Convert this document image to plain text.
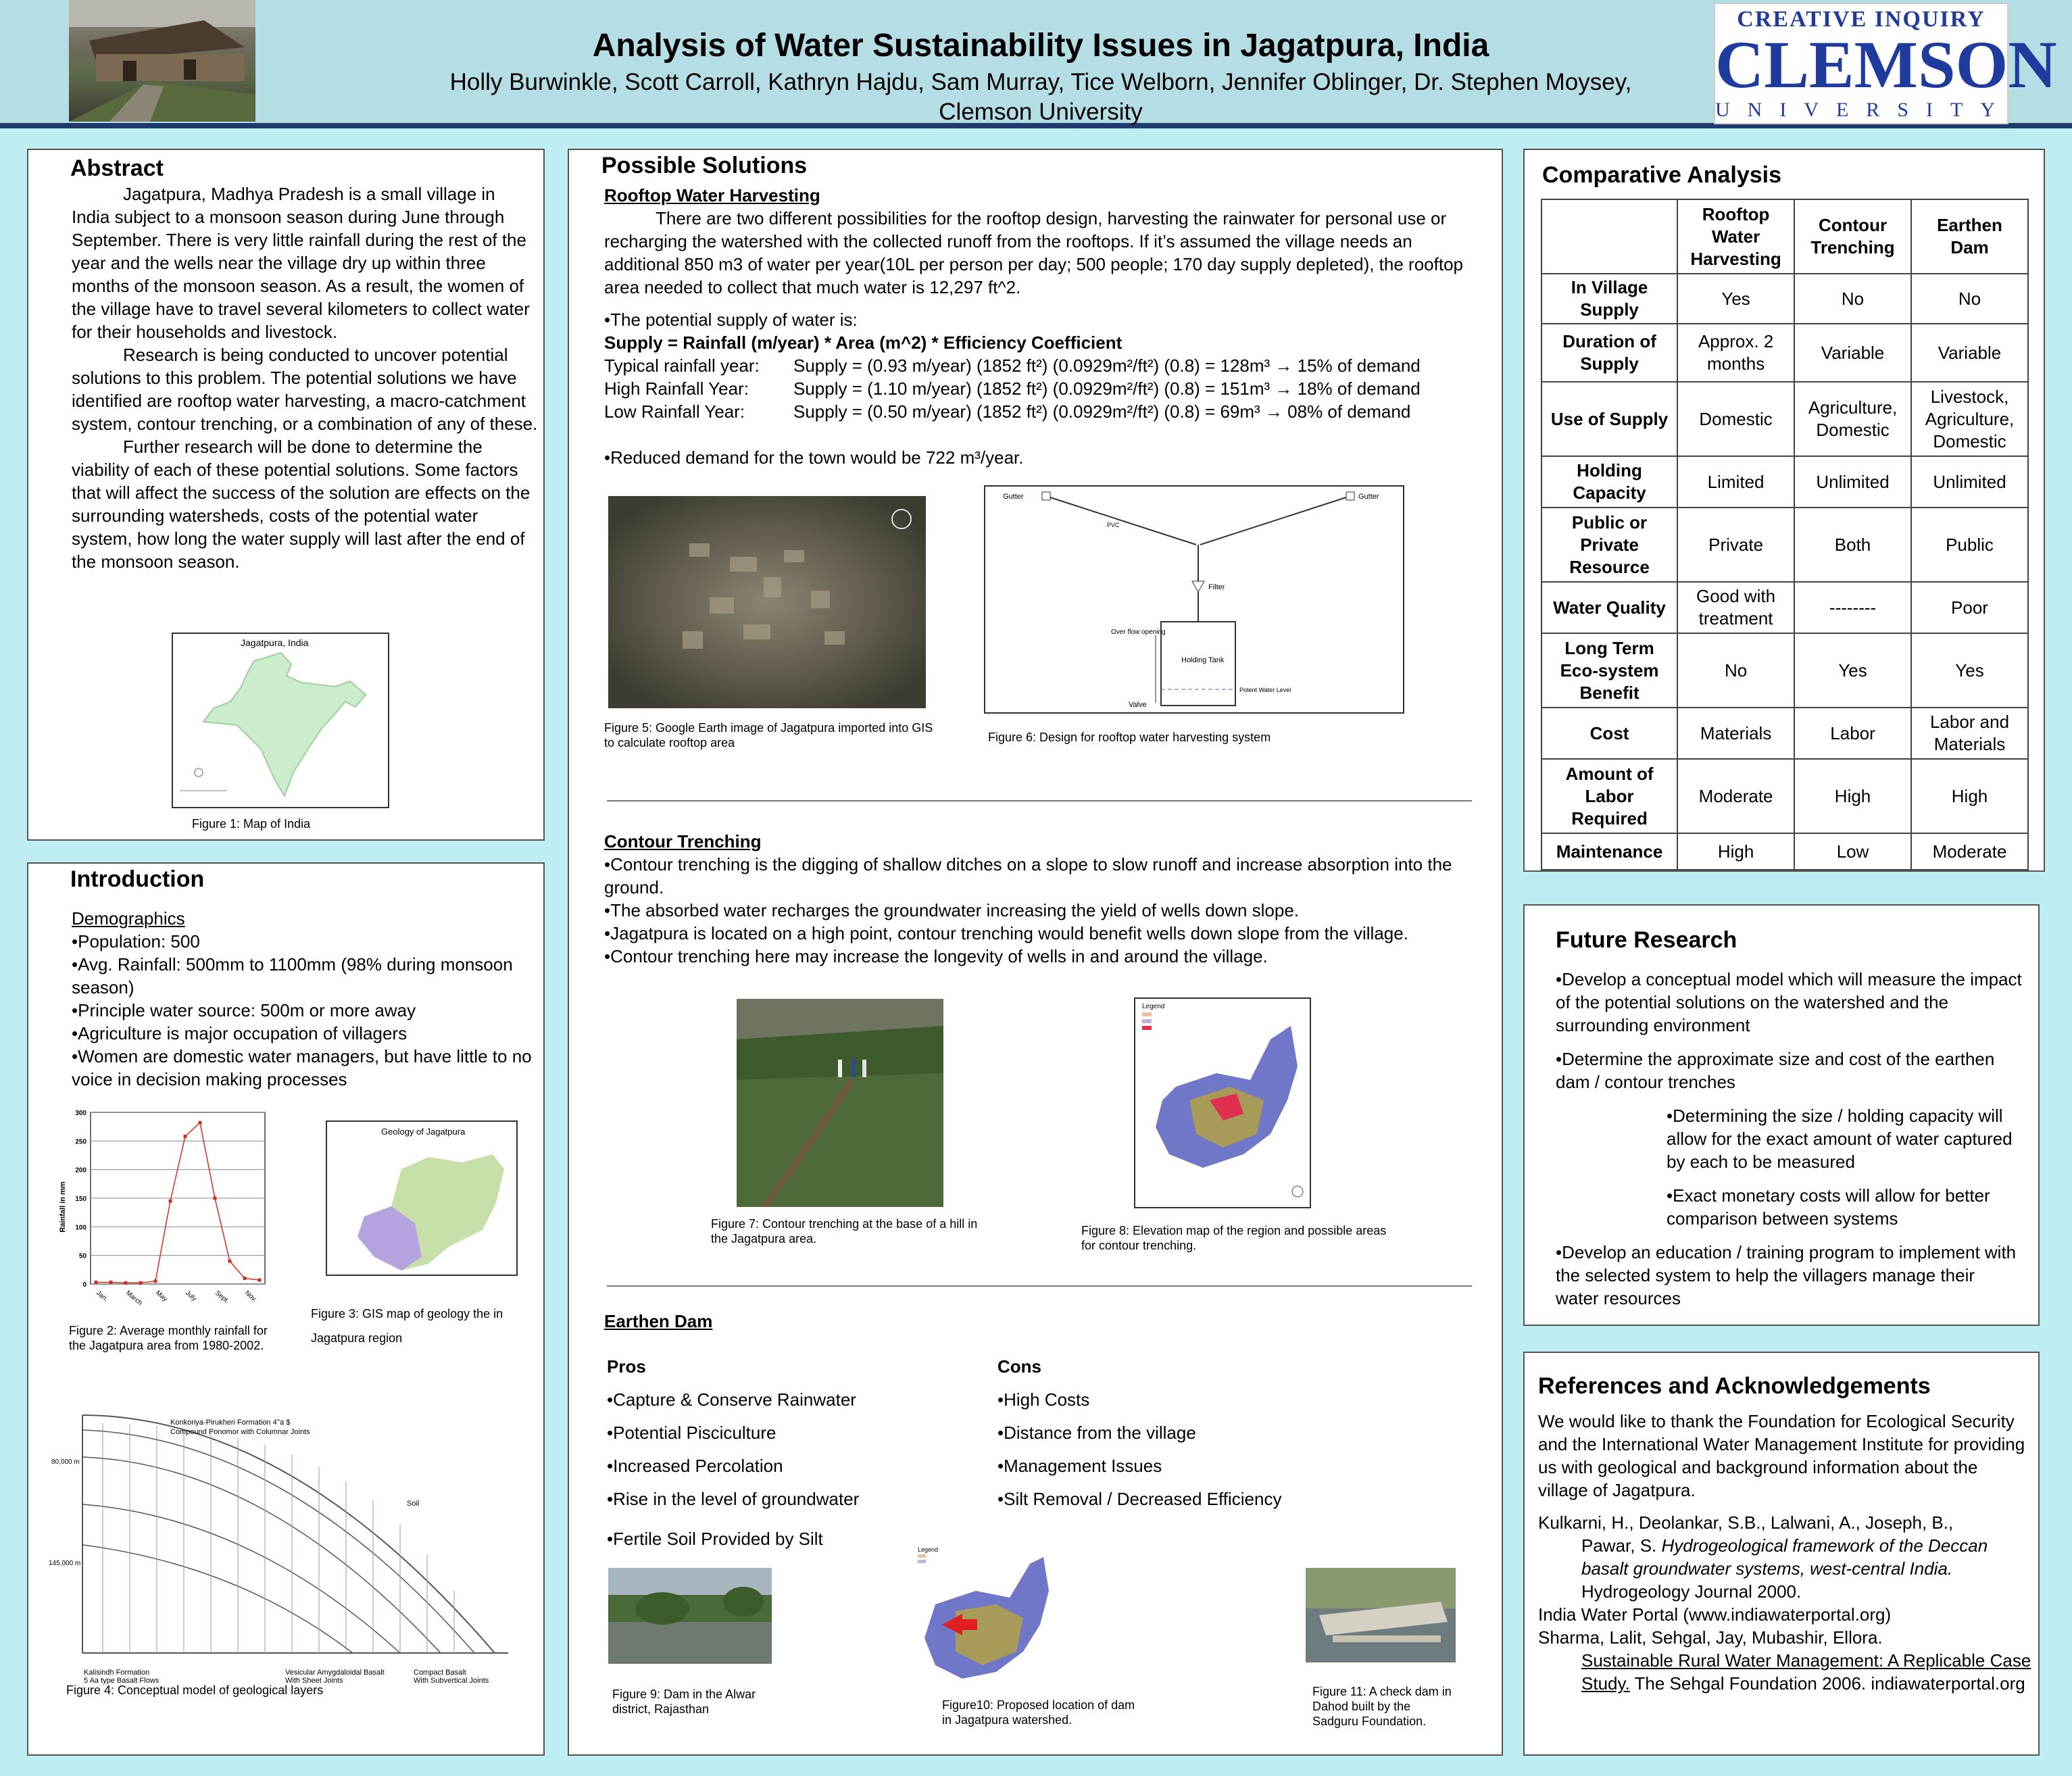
Analysis of Water Sustainability Issues in Jagatpura, India
Holly Burwinkle, Scott Carroll, Kathryn Hajdu, Sam Murray, Tice Welborn, Jennifer Oblinger, Dr. Stephen Moysey,
Clemson University
CREATIVE INQUIRY
CLEMSON
UNIVERSITY
Abstract
Jagatpura, Madhya Pradesh is a small village in India subject to a monsoon season during June through September. There is very little rainfall during the rest of the year and the wells near the village dry up within three months of the monsoon season. As a result, the women of the village have to travel several kilometers to collect water for their households and livestock.
Research is being conducted to uncover potential solutions to this problem. The potential solutions we have identified are rooftop water harvesting, a macro-catchment system, contour trenching, or a combination of any of these.
Further research will be done to determine the viability of each of these potential solutions. Some factors that will affect the success of the solution are effects on the surrounding watersheds, costs of the potential water system, how long the water supply will last after the end of the monsoon season.
Jagatpura, India
Figure 1: Map of India
Introduction
Demographics
•Population: 500
•Avg. Rainfall: 500mm to 1100mm (98% during monsoon season)
•Principle water source: 500m or more away
•Agriculture is major occupation of villagers
•Women are domestic water managers, but have little to no voice in decision making processes
Rainfall in mm
0
50
100
150
200
250
300
Jan. March May July Sept. Nov.
Figure 2: Average monthly rainfall for the Jagatpura area from 1980-2002.
Geology of Jagatpura
Figure 3: GIS map of geology the in Jagatpura region
Konkoriya-Pirukheri Formation 4°a $
Compound Ponomor with Columnar Joints
80,000 m
145,000 m
Soil
Kalisindh Formation
5 Aa type Basalt Flows
Vesicular Amygdaloidal Basalt
With Sheet Joints
Compact Basalt
With Subvertical Joints
Figure 4: Conceptual model of geological layers
Possible Solutions
Rooftop Water Harvesting
There are two different possibilities for the rooftop design, harvesting the rainwater for personal use or recharging the watershed with the collected runoff from the rooftops. If it’s assumed the village needs an additional 850 m3 of water per year(10L per person per day; 500 people; 170 day supply depleted), the rooftop area needed to collect that much water is 12,297 ft^2.
•The potential supply of water is:
Supply = Rainfall (m/year) * Area (m^2) * Efficiency Coefficient
Typical rainfall year: Supply = (0.93 m/year) (1852 ft²) (0.0929m²/ft²) (0.8) = 128m³ → 15% of demand
High Rainfall Year:	Supply = (1.10 m/year) (1852 ft²) (0.0929m²/ft²) (0.8) = 151m³ → 18% of demand
Low Rainfall Year:	Supply = (0.50 m/year) (1852 ft²) (0.0929m²/ft²) (0.8) = 69m³ → 08% of demand
•Reduced demand for the town would be 722 m³/year.
Figure 5: Google Earth image of Jagatpura imported into GIS to calculate rooftop area
Gutter	Gutter
PVC
Filter
Over flow opening
Holding Tank
Valve
Potent Water Level
Figure 6: Design for rooftop water harvesting system
Contour Trenching
•Contour trenching is the digging of shallow ditches on a slope to slow runoff and increase absorption into the ground.
•The absorbed water recharges the groundwater increasing the yield of wells down slope.
•Jagatpura is located on a high point, contour trenching would benefit wells down slope from the village.
•Contour trenching here may increase the longevity of wells in and around the village.
Figure 7: Contour trenching at the base of a hill in the Jagatpura area.
Legend
Figure 8: Elevation map of the region and possible areas for contour trenching.
Earthen Dam
Pros
•Capture & Conserve Rainwater
•Potential Pisciculture
•Increased Percolation
•Rise in the level of groundwater
•Fertile Soil Provided by Silt
Cons
•High Costs
•Distance from the village
•Management Issues
•Silt Removal / Decreased Efficiency
Figure 9: Dam in the Alwar district, Rajasthan
Legend
Figure10: Proposed location of dam in Jagatpura watershed.
Figure 11: A check dam in Dahod built by the Sadguru Foundation.
Comparative Analysis
	Rooftop Water Harvesting	Contour Trenching	Earthen Dam
In Village Supply	Yes	No	No
Duration of Supply	Approx. 2 months	Variable	Variable
Use of Supply	Domestic	Agriculture, Domestic	Livestock, Agriculture, Domestic
Holding Capacity	Limited	Unlimited	Unlimited
Public or Private Resource	Private	Both	Public
Water Quality	Good with treatment	--------	Poor
Long Term Eco-system Benefit	No	Yes	Yes
Cost	Materials	Labor	Labor and Materials
Amount of Labor Required	Moderate	High	High
Maintenance	High	Low	Moderate
Future Research
•Develop a conceptual model which will measure the impact of the potential solutions on the watershed and the surrounding environment
•Determine the approximate size and cost of the earthen dam / contour trenches
•Determining the size / holding capacity will allow for the exact amount of water captured by each to be measured
•Exact monetary costs will allow for better comparison between systems
•Develop an education / training program to implement with the selected system to help the villagers manage their water resources
References and Acknowledgements
We would like to thank the Foundation for Ecological Security and the International Water Management Institute for providing us with geological and background information about the village of Jagatpura.
Kulkarni, H., Deolankar, S.B., Lalwani, A., Joseph, B.,
Pawar, S. Hydrogeological framework of the Deccan basalt groundwater systems, west-central India. Hydrogeology Journal 2000.
India Water Portal (www.indiawaterportal.org)
Sharma, Lalit, Sehgal, Jay, Mubashir, Ellora.
Sustainable Rural Water Management: A Replicable Case Study. The Sehgal Foundation 2006. indiawaterportal.org
